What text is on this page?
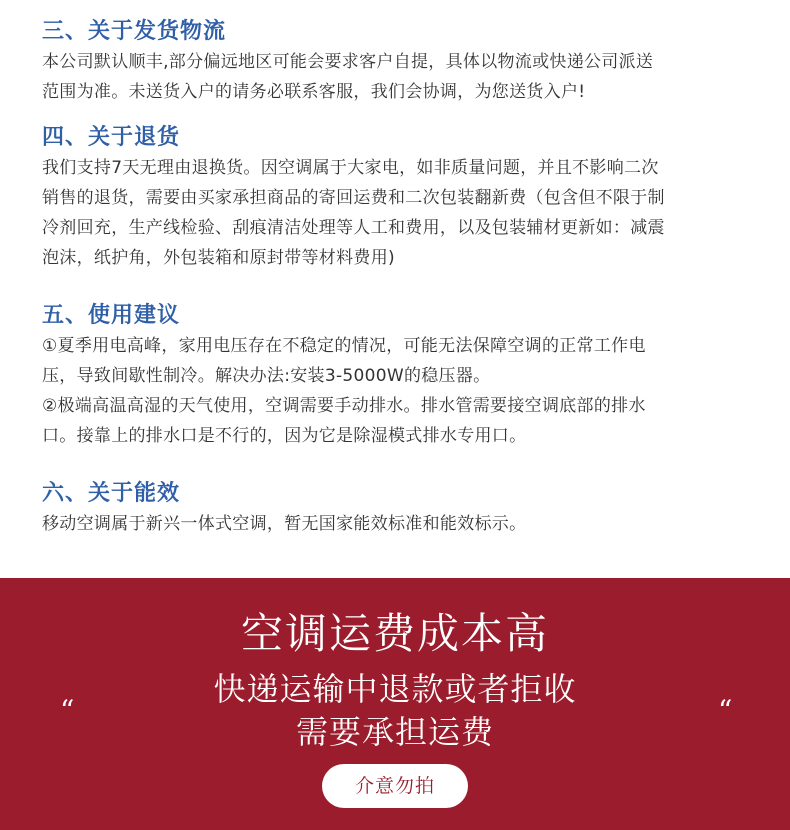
三、关于发货物流

本公司默认顺丰,部分偏远地区可能会要求客户自提，具体以物流或快递公司派送

范围为准。未送货入户的请务必联系客服，我们会协调，为您送货入户!

四、关于退货

我们支持7天无理由退换货。因空调属于大家电，如非质量问题，并且不影响二次

销售的退货，需要由买家承担商品的寄回运费和二次包装翻新费（包含但不限于制

冷剂回充，生产线检验、刮痕清洁处理等人工和费用，以及包装辅材更新如：减震

泡沫，纸护角，外包装箱和原封带等材料费用)

五、使用建议

①夏季用电高峰，家用电压存在不稳定的情况，可能无法保障空调的正常工作电

压，导致间歇性制冷。解决办法:安装3-5000W的稳压器。

②极端高温高湿的天气使用，空调需要手动排水。排水管需要接空调底部的排水

口。接靠上的排水口是不行的，因为它是除湿模式排水专用口。

六、关于能效

移动空调属于新兴一体式空调，暂无国家能效标准和能效标示。

空调运费成本高
快递运输中退款或者拒收
需要承担运费
“	“
介意勿拍
